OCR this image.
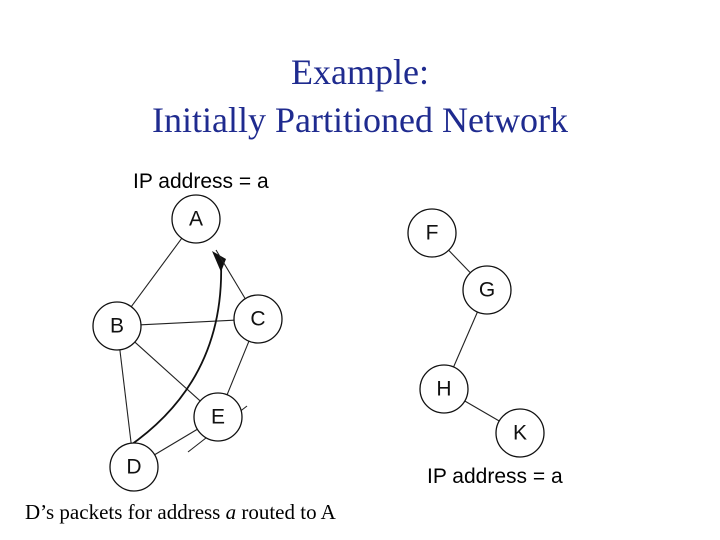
Example:
Initially Partitioned Network
IP address = a
IP address = a
A
B	C
D
E
F
G
H
K
D’s packets for address a routed to A
